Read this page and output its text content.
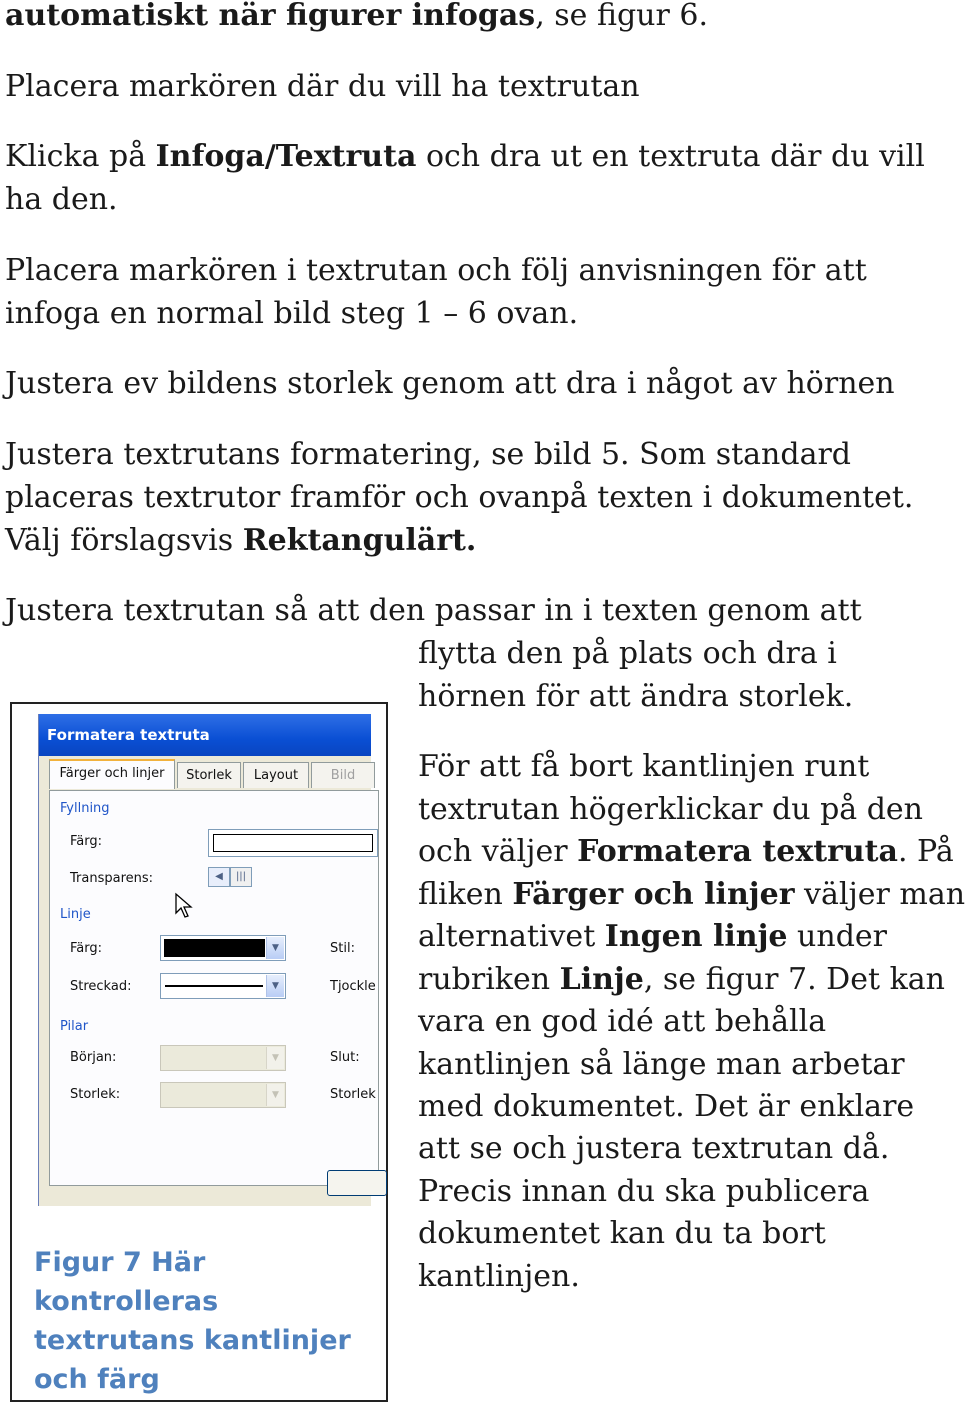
automatiskt när figurer infogas, se figur 6.

Placera markören där du vill ha textrutan

Klicka på Infoga/Textruta och dra ut en textruta där du vill

ha den.

Placera markören i textrutan och följ anvisningen för att

infoga en normal bild steg 1 – 6 ovan.

Justera ev bildens storlek genom att dra i något av hörnen

Justera textrutans formatering, se bild 5. Som standard

placeras textrutor framför och ovanpå texten i dokumentet.

Välj förslagsvis Rektangulärt.

Justera textrutan så att den passar in i texten genom att

flytta den på plats och dra i

hörnen för att ändra storlek.

För att få bort kantlinjen runt

textrutan högerklickar du på den

och väljer Formatera textruta. På

fliken Färger och linjer väljer man

alternativet Ingen linje under

rubriken Linje, se figur 7. Det kan

vara en god idé att behålla

kantlinjen så länge man arbetar

med dokumentet. Det är enklare

att se och justera textrutan då.

Precis innan du ska publicera

dokumentet kan du ta bort

kantlinjen.

Formatera textruta
Färger och linjer	Storlek	Layout	Bild
Fyllning
Färg:
Transparens:	◀	|||
Linje
Färg:	▼	Stil:
Streckad:	▼	Tjockle
Pilar
Början:	▼	Slut:
Storlek:	▼	Storlek

Figur 7 Här kontrolleras textrutans kantlinjer och färg
